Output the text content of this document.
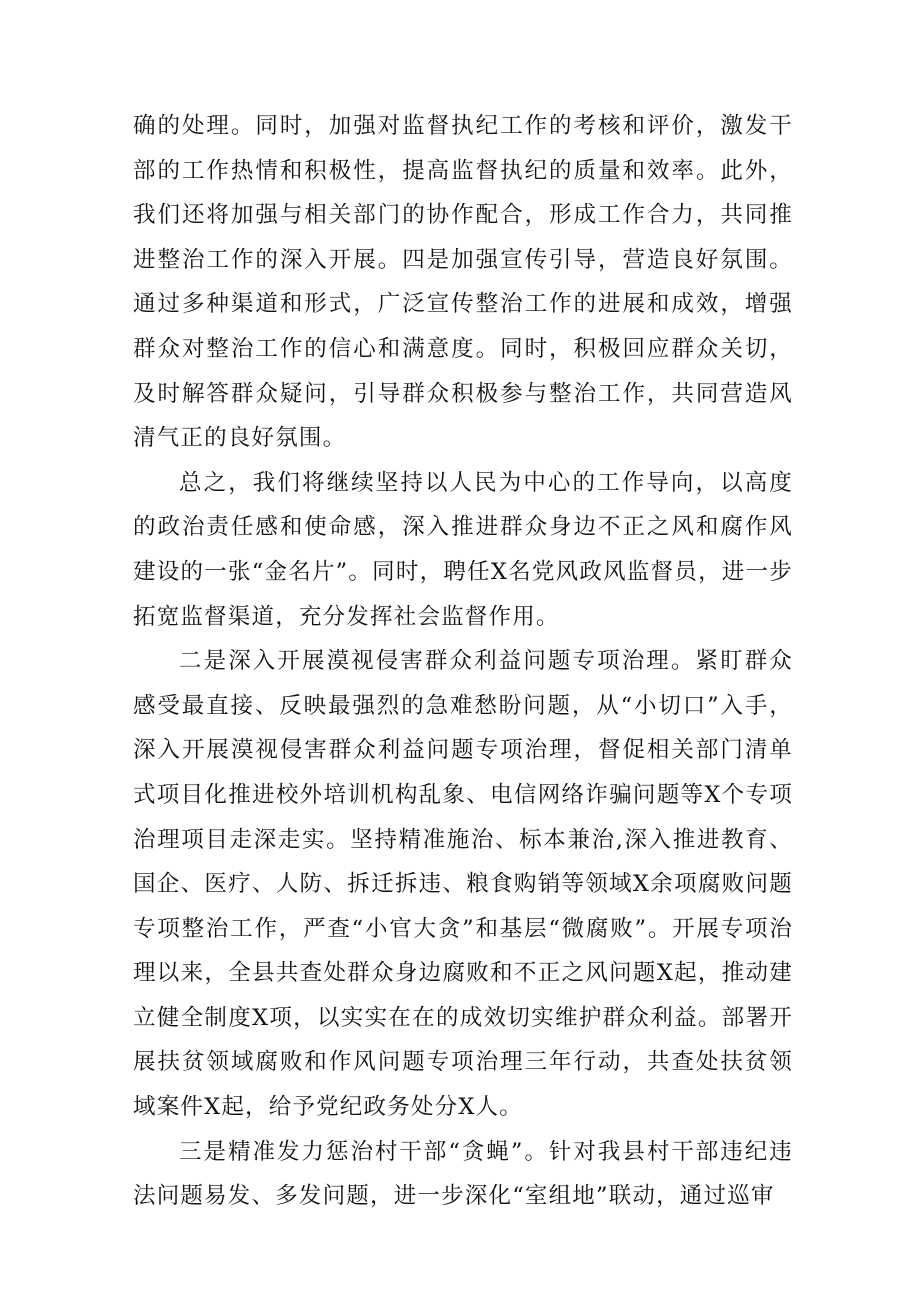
确的处理。同时，加强对监督执纪工作的考核和评价，激发干部的工作热情和积极性，提高监督执纪的质量和效率。此外，我们还将加强与相关部门的协作配合，形成工作合力，共同推进整治工作的深入开展。四是加强宣传引导，营造良好氛围。通过多种渠道和形式，广泛宣传整治工作的进展和成效，增强群众对整治工作的信心和满意度。同时，积极回应群众关切，及时解答群众疑问，引导群众积极参与整治工作，共同营造风清气正的良好氛围。

总之，我们将继续坚持以人民为中心的工作导向，以高度的政治责任感和使命感，深入推进群众身边不正之风和腐作风建设的一张“金名片”。同时，聘任X名党风政风监督员，进一步拓宽监督渠道，充分发挥社会监督作用。

二是深入开展漠视侵害群众利益问题专项治理。紧盯群众感受最直接、反映最强烈的急难愁盼问题，从“小切口”入手，深入开展漠视侵害群众利益问题专项治理，督促相关部门清单式项目化推进校外培训机构乱象、电信网络诈骗问题等X个专项治理项目走深走实。坚持精准施治、标本兼治,深入推进教育、国企、医疗、人防、拆迁拆违、粮食购销等领域X余项腐败问题专项整治工作，严查“小官大贪”和基层“微腐败”。开展专项治理以来，全县共查处群众身边腐败和不正之风问题X起，推动建立健全制度X项，以实实在在的成效切实维护群众利益。部署开展扶贫领域腐败和作风问题专项治理三年行动，共查处扶贫领域案件X起，给予党纪政务处分X人。

三是精准发力惩治村干部“贪蝇”。针对我县村干部违纪违法问题易发、多发问题，进一步深化“室组地”联动，通过巡审
